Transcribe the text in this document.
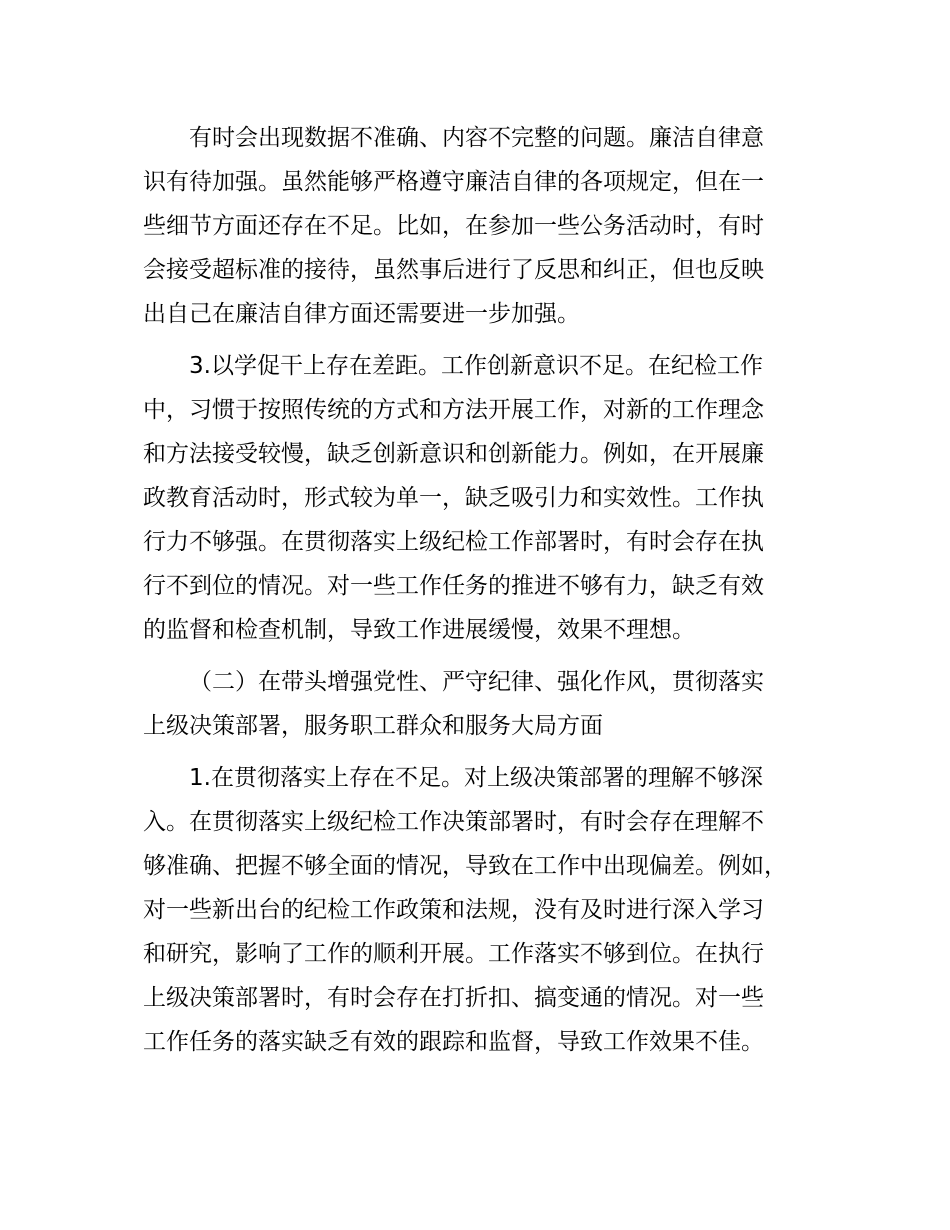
有时会出现数据不准确、内容不完整的问题。廉洁自律意
识有待加强。虽然能够严格遵守廉洁自律的各项规定，但在一
些细节方面还存在不足。比如，在参加一些公务活动时，有时
会接受超标准的接待，虽然事后进行了反思和纠正，但也反映
出自己在廉洁自律方面还需要进一步加强。
3.以学促干上存在差距。工作创新意识不足。在纪检工作
中，习惯于按照传统的方式和方法开展工作，对新的工作理念
和方法接受较慢，缺乏创新意识和创新能力。例如，在开展廉
政教育活动时，形式较为单一，缺乏吸引力和实效性。工作执
行力不够强。在贯彻落实上级纪检工作部署时，有时会存在执
行不到位的情况。对一些工作任务的推进不够有力，缺乏有效
的监督和检查机制，导致工作进展缓慢，效果不理想。
（二）在带头增强党性、严守纪律、强化作风，贯彻落实
上级决策部署，服务职工群众和服务大局方面
1.在贯彻落实上存在不足。对上级决策部署的理解不够深
入。在贯彻落实上级纪检工作决策部署时，有时会存在理解不
够准确、把握不够全面的情况，导致在工作中出现偏差。例如，
对一些新出台的纪检工作政策和法规，没有及时进行深入学习
和研究，影响了工作的顺利开展。工作落实不够到位。在执行
上级决策部署时，有时会存在打折扣、搞变通的情况。对一些
工作任务的落实缺乏有效的跟踪和监督，导致工作效果不佳。
